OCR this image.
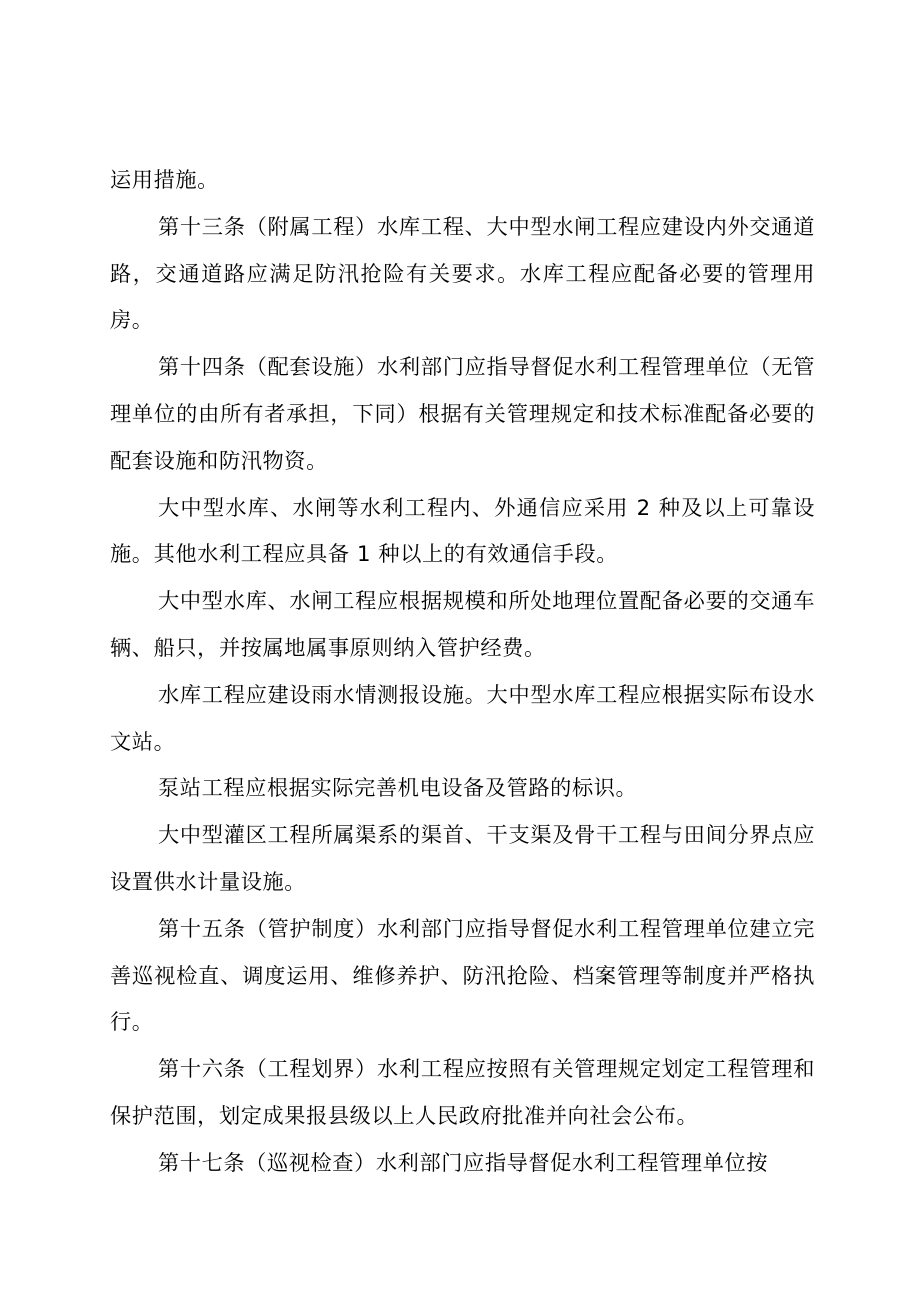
运用措施。

第十三条（附属工程）水库工程、大中型水闸工程应建设内外交通道路，交通道路应满足防汛抢险有关要求。水库工程应配备必要的管理用房。

第十四条（配套设施）水利部门应指导督促水利工程管理单位（无管理单位的由所有者承担，下同）根据有关管理规定和技术标准配备必要的配套设施和防汛物资。

大中型水库、水闸等水利工程内、外通信应采用 2 种及以上可靠设施。其他水利工程应具备 1 种以上的有效通信手段。

大中型水库、水闸工程应根据规模和所处地理位置配备必要的交通车辆、船只，并按属地属事原则纳入管护经费。

水库工程应建设雨水情测报设施。大中型水库工程应根据实际布设水文站。

泵站工程应根据实际完善机电设备及管路的标识。

大中型灌区工程所属渠系的渠首、干支渠及骨干工程与田间分界点应设置供水计量设施。

第十五条（管护制度）水利部门应指导督促水利工程管理单位建立完善巡视检直、调度运用、维修养护、防汛抢险、档案管理等制度并严格执行。

第十六条（工程划界）水利工程应按照有关管理规定划定工程管理和保护范围，划定成果报县级以上人民政府批准并向社会公布。

第十七条（巡视检查）水利部门应指导督促水利工程管理单位按
